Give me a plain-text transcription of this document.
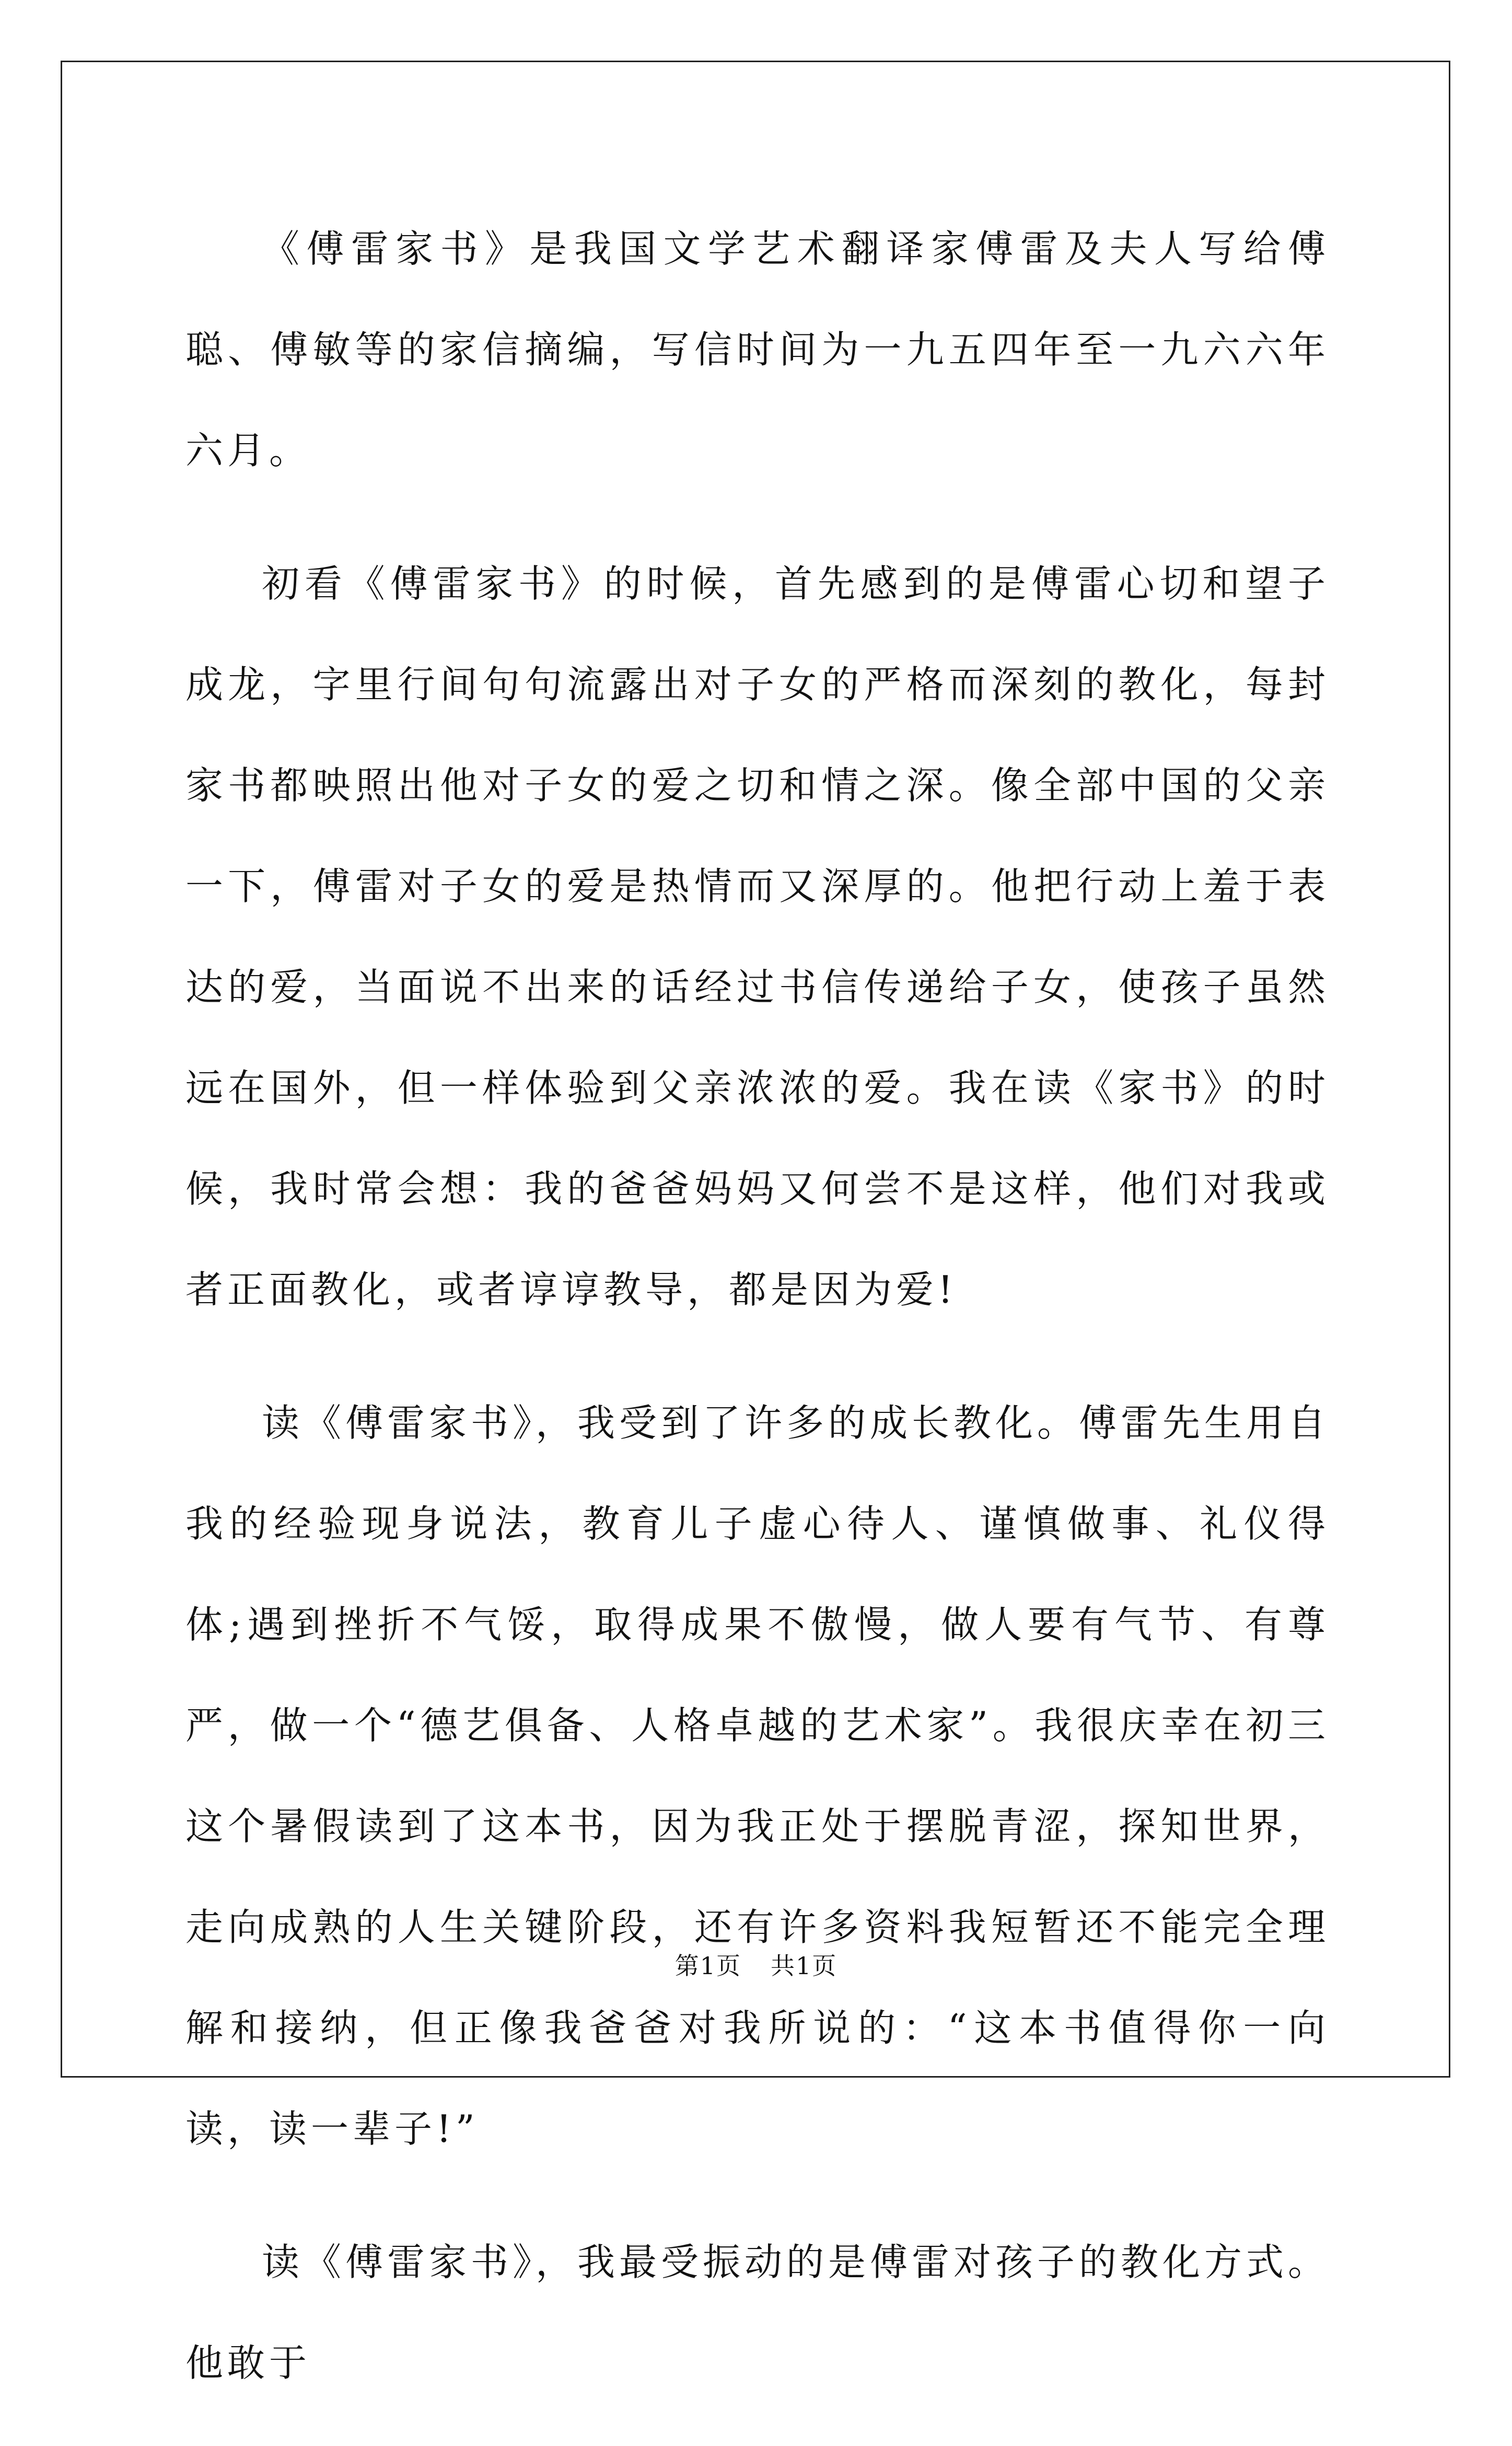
《傅雷家书》是我国文学艺术翻译家傅雷及夫人写给傅聪、傅敏等的家信摘编，写信时间为一九五四年至一九六六年六月。

初看《傅雷家书》的时候，首先感到的是傅雷心切和望子成龙，字里行间句句流露出对子女的严格而深刻的教化，每封家书都映照出他对子女的爱之切和情之深。像全部中国的父亲一下，傅雷对子女的爱是热情而又深厚的。他把行动上羞于表达的爱，当面说不出来的话经过书信传递给子女，使孩子虽然远在国外，但一样体验到父亲浓浓的爱。我在读《家书》的时候，我时常会想：我的爸爸妈妈又何尝不是这样，他们对我或者正面教化，或者谆谆教导，都是因为爱!

读《傅雷家书》，我受到了许多的成长教化。傅雷先生用自我的经验现身说法，教育儿子虚心待人、谨慎做事、礼仪得体;遇到挫折不气馁，取得成果不傲慢，做人要有气节、有尊严，做一个“德艺俱备、人格卓越的艺术家”。我很庆幸在初三这个暑假读到了这本书，因为我正处于摆脱青涩，探知世界，走向成熟的人生关键阶段，还有许多资料我短暂还不能完全理解和接纳，但正像我爸爸对我所说的：“这本书值得你一向读，读一辈子!”

读《傅雷家书》，我最受振动的是傅雷对孩子的教化方式。他敢于

第1页 共1页
